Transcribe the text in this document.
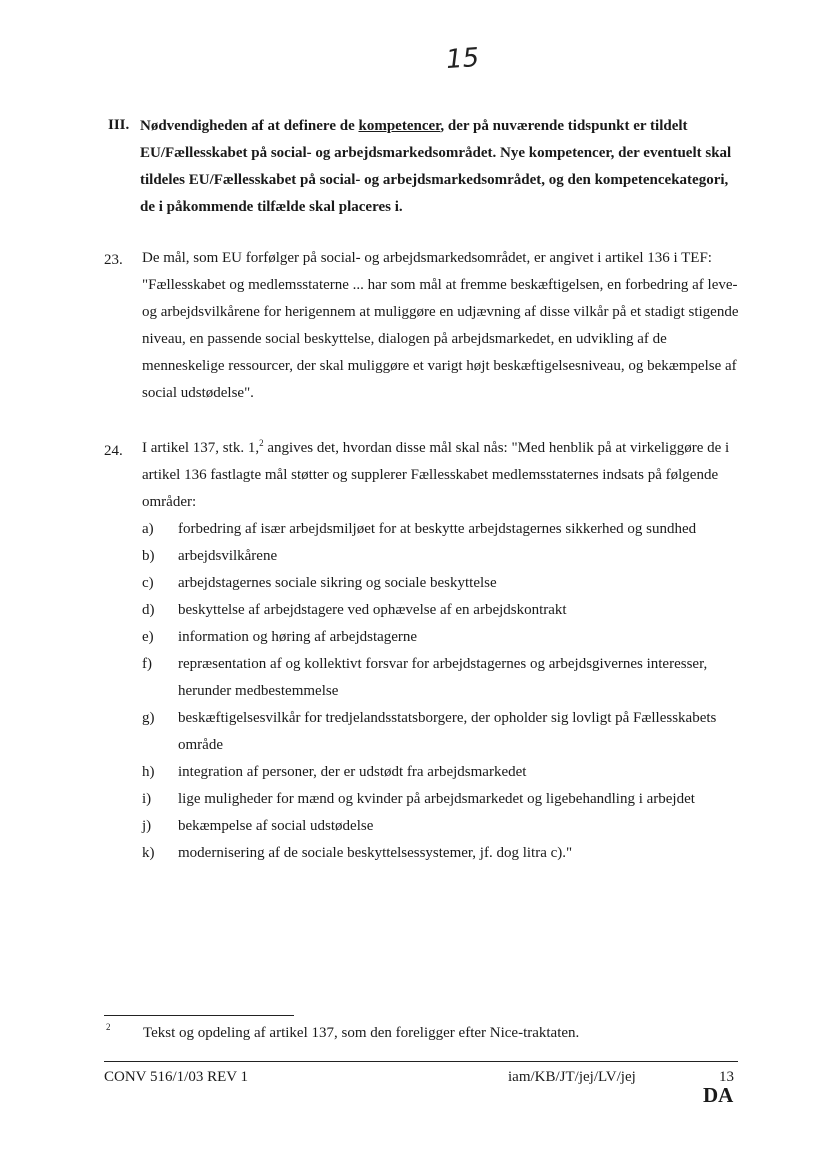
15
III. Nødvendigheden af at definere de kompetencer, der på nuværende tidspunkt er tildelt EU/Fællesskabet på social- og arbejdsmarkedsområdet. Nye kompetencer, der eventuelt skal tildeles EU/Fællesskabet på social- og arbejdsmarkedsområdet, og den kompetencekategori, de i påkommende tilfælde skal placeres i.
23. De mål, som EU forfølger på social- og arbejdsmarkedsområdet, er angivet i artikel 136 i TEF: "Fællesskabet og medlemsstaterne ... har som mål at fremme beskæftigelsen, en forbedring af leve- og arbejdsvilkårene for herigennem at muliggøre en udjævning af disse vilkår på et stadigt stigende niveau, en passende social beskyttelse, dialogen på arbejdsmarkedet, en udvikling af de menneskelige ressourcer, der skal muliggøre et varigt højt beskæftigelsesniveau, og bekæmpelse af social udstødelse".
24. I artikel 137, stk. 1,$^2$ angives det, hvordan disse mål skal nås: "Med henblik på at virkeliggøre de i artikel 136 fastlagte mål støtter og supplerer Fællesskabet medlemsstaternes indsats på følgende områder:
a) forbedring af især arbejdsmiljøet for at beskytte arbejdstagernes sikkerhed og sundhed
b) arbejdsvilkårene
c) arbejdstagernes sociale sikring og sociale beskyttelse
d) beskyttelse af arbejdstagere ved ophævelse af en arbejdskontrakt
e) information og høring af arbejdstagerne
f) repræsentation af og kollektivt forsvar for arbejdstagernes og arbejdsgivernes interesser, herunder medbestemmelse
g) beskæftigelsesvilkår for tredjelandsstatsborgere, der opholder sig lovligt på Fællesskabets område
h) integration af personer, der er udstødt fra arbejdsmarkedet
i) lige muligheder for mænd og kvinder på arbejdsmarkedet og ligebehandling i arbejdet
j) bekæmpelse af social udstødelse
k) modernisering af de sociale beskyttelsessystemer, jf. dog litra c)."
2 Tekst og opdeling af artikel 137, som den foreligger efter Nice-traktaten.
CONV 516/1/03 REV 1	iam/KB/JT/jej/LV/jej	13
DA
